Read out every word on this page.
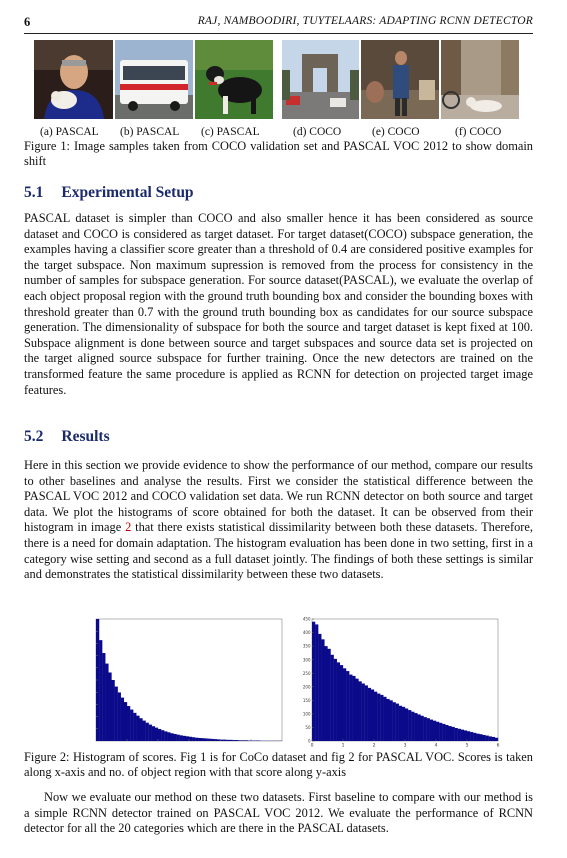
6	RAJ, NAMBOODIRI, TUYTELAARS: ADAPTING RCNN DETECTOR
(a) PASCAL (b) PASCAL (c) PASCAL	(d) COCO	(e) COCO	(f) COCO
Figure 1: Image samples taken from COCO validation set and PASCAL VOC 2012 to show domain shift
5.1 Experimental Setup
PASCAL dataset is simpler than COCO and also smaller hence it has been considered as source dataset and COCO is considered as target dataset. For target dataset(COCO) subspace generation, the examples having a classifier score greater than a threshold of 0.4 are considered positive examples for the target subspace. Non maximum supression is removed from the process for consistency in the number of samples for subspace generation. For source dataset(PASCAL), we evaluate the overlap of each object proposal region with the ground truth bounding box and consider the bounding boxes with threshold greater than 0.7 with the ground truth bounding box as candidates for our source subspace generation. The dimensionality of subspace for both the source and target dataset is kept fixed at 100. Subspace alignment is done between source and target subspaces and source data set is projected on the target aligned source subspace for further training. Once the new detectors are trained on the transformed feature the same procedure is applied as RCNN for detection on projected target image features.
5.2 Results
Here in this section we provide evidence to show the performance of our method, compare our results to other baselines and analyse the results. First we consider the statistical difference between the PASCAL VOC 2012 and COCO validation set data. We run RCNN detector on both source and target data. We plot the histograms of score obtained for both the dataset. It can be observed from their histogram in image 2 that there exists statistical dissimilarity between both these datasets. Therefore, there is a need for domain adaptation. The histogram evaluation has been done in two setting, first in a category wise setting and second as a full dataset jointly. The findings of both these settings is similar and demonstrates the statistical dissimilarity between these two datasets.
0
50
100
150
200
250
300
350
400
450
0	1	2	3	4	5	6
Figure 2: Histogram of scores. Fig 1 is for CoCo dataset and fig 2 for PASCAL VOC. Scores is taken along x-axis and no. of object region with that score along y-axis
Now we evaluate our method on these two datasets. First baseline to compare with our method is a simple RCNN detector trained on PASCAL VOC 2012. We evaluate the performance of RCNN detector for all the 20 categories which are there in the PASCAL datasets.
